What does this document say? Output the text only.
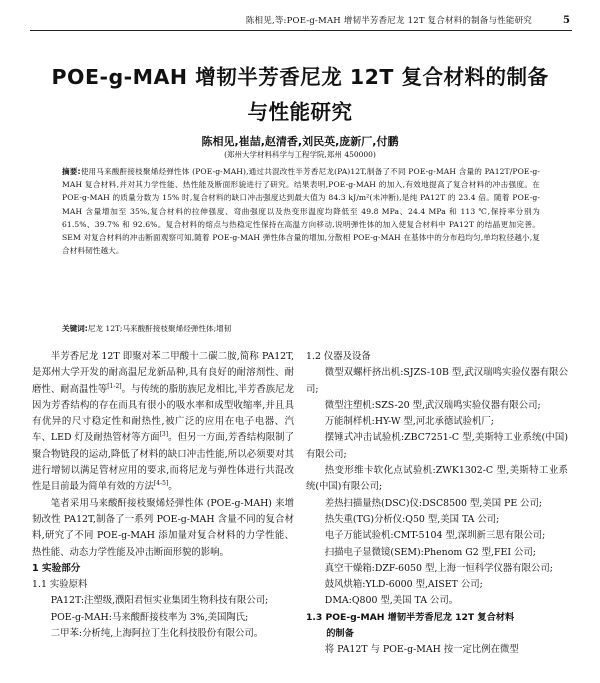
陈相见,等:POE-g-MAH 增韧半芳香尼龙 12T 复合材料的制备与性能研究	5
POE-g-MAH 增韧半芳香尼龙 12T 复合材料的制备
与性能研究
陈相见,崔喆,赵清香,刘民英,庞新厂,付鹏
(郑州大学材料科学与工程学院,郑州 450000)
摘要:使用马来酸酐接枝聚烯烃弹性体 (POE-g-MAH),通过共混改性半芳香尼龙(PA)12T,制备了不同 POE-g-MAH 含量的 PA12T/POE-g-MAH 复合材料,并对其力学性能、热性能及断面形貌进行了研究。结果表明,POE-g-MAH 的加入,有效地提高了复合材料的冲击强度。在 POE-g-MAH 的质量分数为 15% 时,复合材料的缺口冲击强度达到最大值为 84.3 kJ/m²(未冲断),是纯 PA12T 的 23.4 倍。随着 POE-g-MAH 含量增加至 35%,复合材料的拉伸强度、弯曲强度以及热变形温度均降低至 49.8 MPa、24.4 MPa 和 113 ℃,保持率分别为 61.5%、39.7% 和 92.6%。复合材料的熔点与热稳定性保持在高温方向移动,说明弹性体的加入使复合材料中 PA12T 的结晶更加完善。SEM 对复合材料的冲击断面观察可知,随着 POE-g-MAH 弹性体含量的增加,分散相 POE-g-MAH 在基体中的分布趋均匀,单均粒径越小,复合材料韧性越大。
关键词:尼龙 12T;马来酸酐接枝聚烯烃弹性体;增韧

半芳香尼龙 12T 即聚对苯二甲酸十二碳二胺,简称 PA12T,是郑州大学开发的耐高温尼龙新品种,具有良好的耐溶剂性、耐磨性、耐高温性等[1-2]。与传统的脂肪族尼龙相比,半芳香族尼龙因为芳香结构的存在而具有很小的吸水率和成型收缩率,并且具有优异的尺寸稳定性和耐热性,被广泛的应用在电子电器、汽车、LED 灯及耐热管材等方面[3]。但另一方面,芳香结构限制了聚合物链段的运动,降低了材料的缺口冲击性能,所以必须要对其进行增韧以满足管材应用的要求,而将尼龙与弹性体进行共混改性是目前最为简单有效的方法[4-5]。

笔者采用马来酸酐接枝聚烯烃弹性体 (POE-g-MAH) 来增韧改性 PA12T,制备了一系列 POE-g-MAH 含量不同的复合材料,研究了不同 POE-g-MAH 添加量对复合材料的力学性能、热性能、动态力学性能及冲击断面形貌的影响。

1 实验部分

1.1 实验原料

PA12T:注塑级,濮阳君恒实业集团生物科技有限公司;

POE-g-MAH:马来酸酐接枝率为 3%,美国陶氏;

二甲苯:分析纯,上海阿拉丁生化科技股份有限公司。

1.2 仪器及设备

微型双螺杆挤出机:SJZS-10B 型,武汉瑞鸣实验仪器有限公司;

微型注塑机:SZS-20 型,武汉瑞鸣实验仪器有限公司;

万能制样机:HY-W 型,河北承德试验机厂;

摆锤式冲击试验机:ZBC7251-C 型,美斯特工业系统(中国)有限公司;

热变形维卡软化点试验机:ZWK1302-C 型,美斯特工业系统(中国)有限公司;

差热扫描量热(DSC)仪:DSC8500 型,美国 PE 公司;

热失重(TG)分析仪:Q50 型,美国 TA 公司;

电子万能试验机:CMT-5104 型,深圳新三思有限公司;

扫描电子显微镜(SEM):Phenom G2 型,FEI 公司;

真空干燥箱:DZF-6050 型,上海一恒科学仪器有限公司;

鼓风烘箱:YLD-6000 型,AISET 公司;

DMA:Q800 型,美国 TA 公司。

1.3 POE-g-MAH 增韧半芳香尼龙 12T 复合材料

的制备

将 PA12T 与 POE-g-MAH 按一定比例在微型
